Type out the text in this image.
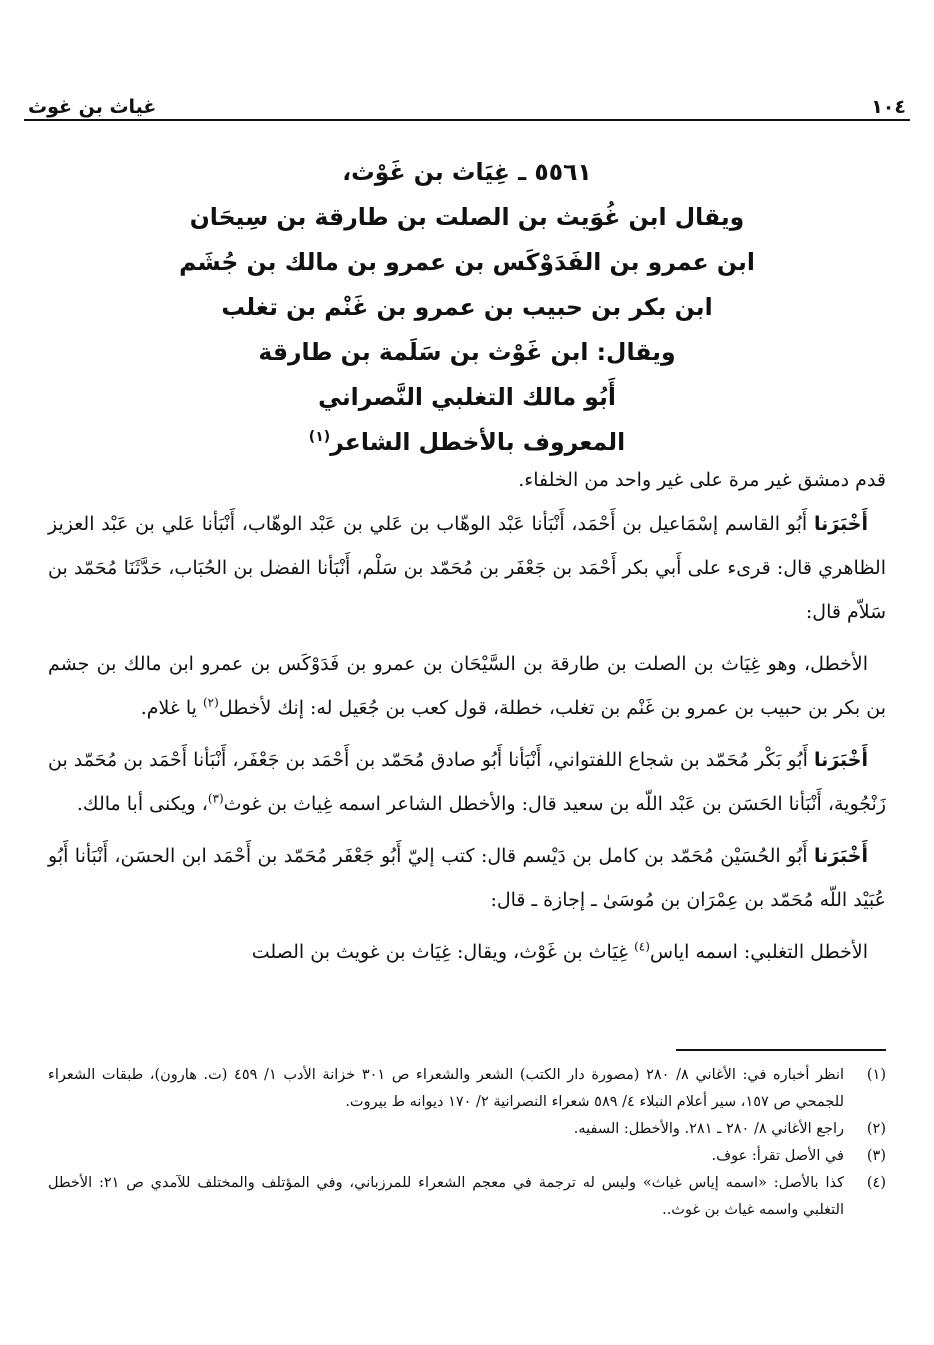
١٠٤
غياث بن غوث
٥٥٦١ ـ غِيَاث بن غَوْث،
ويقال ابن غُوَيث بن الصلت بن طارقة بن سِيحَان
ابن عمرو بن الفَدَوْكَس بن عمرو بن مالك بن جُشَم
ابن بكر بن حبيب بن عمرو بن غَنْم بن تغلب
ويقال: ابن غَوْث بن سَلَمة بن طارقة
أَبُو مالك التغلبي النَّصراني
المعروف بالأخطل الشاعر$^{(١)}$

قدم دمشق غير مرة على غير واحد من الخلفاء.

أَخْبَرَنا أَبُو القاسم إسْمَاعيل بن أَحْمَد، أَنْبَأنا عَبْد الوهّاب بن عَلي بن عَبْد الوهّاب، أَنْبَأنا عَلي بن عَبْد العزيز الظاهري قال: قرىء على أَبي بكر أَحْمَد بن جَعْفَر بن مُحَمّد بن سَلْم، أَنْبَأنا الفضل بن الحُبَاب، حَدَّثَنَا مُحَمّد بن سَلاّم قال:

الأخطل، وهو غِيَاث بن الصلت بن طارقة بن السَّيْحَان بن عمرو بن فَدَوْكَس بن عمرو ابن مالك بن جشم بن بكر بن حبيب بن عمرو بن غَنْم بن تغلب، خطلة، قول كعب بن جُعَيل له: إنك لأخطل$^{(٢)}$ يا غلام.

أَخْبَرَنا أَبُو بَكْر مُحَمّد بن شجاع اللفتواني، أَنْبَأنا أَبُو صادق مُحَمّد بن أَحْمَد بن جَعْفَر، أَنْبَأنا أَحْمَد بن مُحَمّد بن زَنْجُوية، أَنْبَأنا الحَسَن بن عَبْد اللّه بن سعيد قال: والأخطل الشاعر اسمه غِياث بن غوث$^{(٣)}$، ويكنى أبا مالك.

أَخْبَرَنا أَبُو الحُسَيْن مُحَمّد بن كامل بن دَيْسم قال: كتب إليّ أَبُو جَعْفَر مُحَمّد بن أَحْمَد ابن الحسَن، أَنْبَأنا أَبُو عُبَيْد اللّه مُحَمّد بن عِمْرَان بن مُوسَىٰ ـ إجازة ـ قال:

الأخطل التغلبي: اسمه اياس$^{(٤)}$ غِيَاث بن غَوْث، ويقال: غِيَاث بن غويث بن الصلت

(١)
انظر أخباره في: الأغاني ٨/ ٢٨٠ (مصورة دار الكتب) الشعر والشعراء ص ٣٠١ خزانة الأدب ١/ ٤٥٩ (ت. هارون)، طبقات الشعراء للجمحي ص ١٥٧، سير أعلام النبلاء ٤/ ٥٨٩ شعراء النصرانية ٢/ ١٧٠ ديوانه ط بيروت.
(٢)
راجع الأغاني ٨/ ٢٨٠ ـ ٢٨١. والأخطل: السفيه.
(٣)
في الأصل تقرأ: عوف.
(٤)
كذا بالأصل: «اسمه إياس غياث» وليس له ترجمة في معجم الشعراء للمرزباني، وفي المؤتلف والمختلف للآمدي ص ٢١: الأخطل التغلبي واسمه غياث بن غوث..
